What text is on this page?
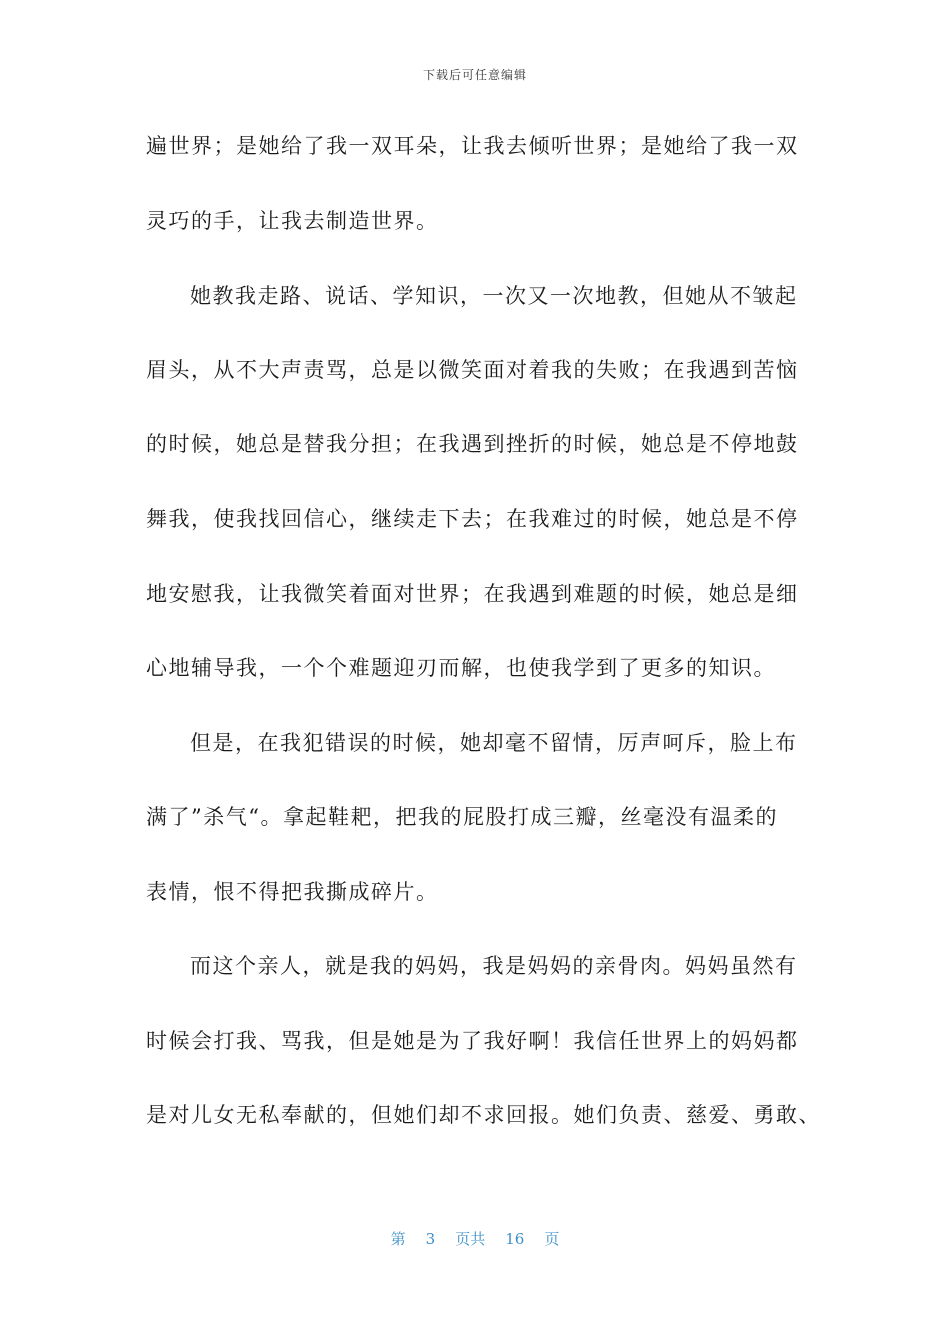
下载后可任意编辑
遍世界；是她给了我一双耳朵，让我去倾听世界；是她给了我一双
灵巧的手，让我去制造世界。
她教我走路、说话、学知识，一次又一次地教，但她从不皱起
眉头，从不大声责骂，总是以微笑面对着我的失败；在我遇到苦恼
的时候，她总是替我分担；在我遇到挫折的时候，她总是不停地鼓
舞我，使我找回信心，继续走下去；在我难过的时候，她总是不停
地安慰我，让我微笑着面对世界；在我遇到难题的时候，她总是细
心地辅导我，一个个难题迎刃而解，也使我学到了更多的知识。
但是，在我犯错误的时候，她却毫不留情，厉声呵斥，脸上布
满了”杀气“。拿起鞋耙，把我的屁股打成三瓣，丝毫没有温柔的
表情，恨不得把我撕成碎片。
而这个亲人，就是我的妈妈，我是妈妈的亲骨肉。妈妈虽然有
时候会打我、骂我，但是她是为了我好啊！我信任世界上的妈妈都
是对儿女无私奉献的，但她们却不求回报。她们负责、慈爱、勇敢、
第 3 页共 16 页
